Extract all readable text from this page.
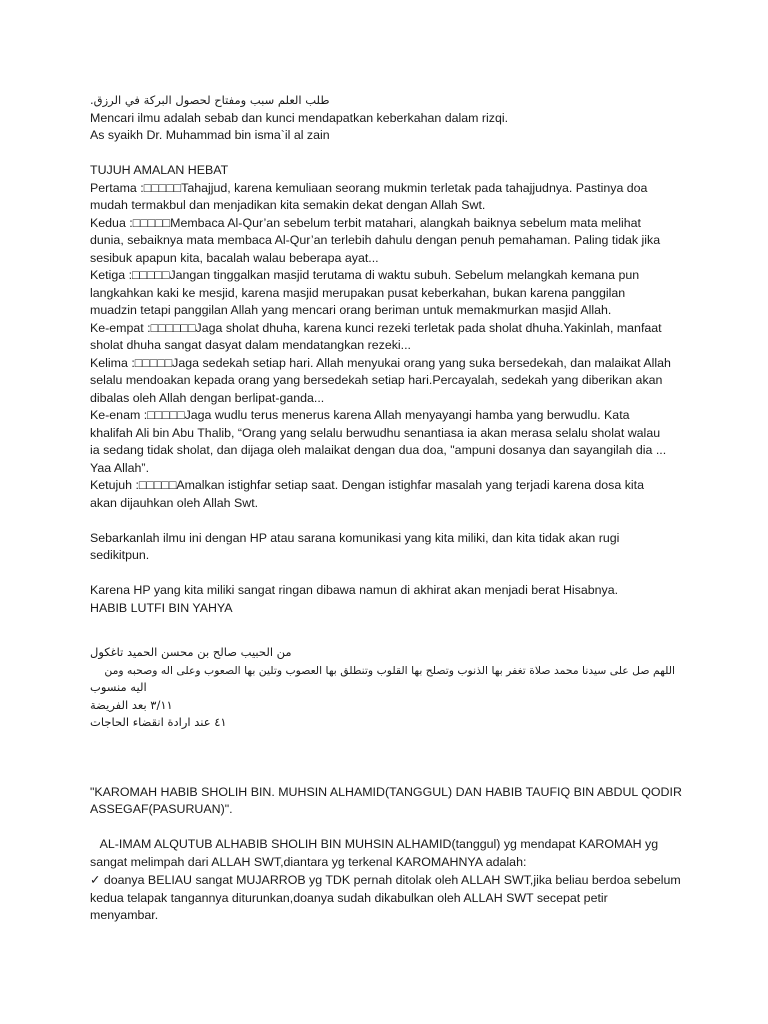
طلب العلم سبب ومفتاح لحصول البركة في الرزق.
Mencari ilmu adalah sebab dan kunci mendapatkan keberkahan dalam rizqi.
As syaikh Dr. Muhammad bin isma`il al zain
TUJUH AMALAN HEBAT
Pertama :□□□□□Tahajjud, karena kemuliaan seorang mukmin terletak pada tahajjudnya. Pastinya doa
mudah termakbul dan menjadikan kita semakin dekat dengan Allah Swt.
Kedua :□□□□□Membaca Al-Qur’an sebelum terbit matahari, alangkah baiknya sebelum mata melihat
dunia, sebaiknya mata membaca Al-Qur’an terlebih dahulu dengan penuh pemahaman. Paling tidak jika
sesibuk apapun kita, bacalah walau beberapa ayat...
Ketiga :□□□□□Jangan tinggalkan masjid terutama di waktu subuh. Sebelum melangkah kemana pun
langkahkan kaki ke mesjid, karena masjid merupakan pusat keberkahan, bukan karena panggilan
muadzin tetapi panggilan Allah yang mencari orang beriman untuk memakmurkan masjid Allah.
Ke-empat :□□□□□□Jaga sholat dhuha, karena kunci rezeki terletak pada sholat dhuha.Yakinlah, manfaat
sholat dhuha sangat dasyat dalam mendatangkan rezeki...
Kelima :□□□□□Jaga sedekah setiap hari. Allah menyukai orang yang suka bersedekah, dan malaikat Allah
selalu mendoakan kepada orang yang bersedekah setiap hari.Percayalah, sedekah yang diberikan akan
dibalas oleh Allah dengan berlipat-ganda...
Ke-enam :□□□□□Jaga wudlu terus menerus karena Allah menyayangi hamba yang berwudlu. Kata
khalifah Ali bin Abu Thalib, “Orang yang selalu berwudhu senantiasa ia akan merasa selalu sholat walau
ia sedang tidak sholat, dan dijaga oleh malaikat dengan dua doa, "ampuni dosanya dan sayangilah dia ...
Yaa Allah”.
Ketujuh :□□□□□Amalkan istighfar setiap saat. Dengan istighfar masalah yang terjadi karena dosa kita
akan dijauhkan oleh Allah Swt.
Sebarkanlah ilmu ini dengan HP atau sarana komunikasi yang kita miliki, dan kita tidak akan rugi
sedikitpun.
Karena HP yang kita miliki sangat ringan dibawa namun di akhirat akan menjadi berat Hisabnya.
HABIB LUTFI BIN YAHYA
من الحبيب صالح بن محسن الحميد تاغكول
اللهم صل على سيدنا محمد صلاة تغفر بها الذنوب وتصلح بها القلوب وتنطلق بها العصوب وتلين بها الصعوب وعلى اله وصحبه ومن
اليه منسوب
٣/١١ بعد الفريضة
٤١ عند ارادة انقضاء الحاجات
"KAROMAH HABIB SHOLIH BIN. MUHSIN ALHAMID(TANGGUL) DAN HABIB TAUFIQ BIN ABDUL QODIR
ASSEGAF(PASURUAN)".
AL-IMAM ALQUTUB ALHABIB SHOLIH BIN MUHSIN ALHAMID(tanggul) yg mendapat KAROMAH yg
sangat melimpah dari ALLAH SWT,diantara yg terkenal KAROMAHNYA adalah:
✓ doanya BELIAU sangat MUJARROB yg TDK pernah ditolak oleh ALLAH SWT,jika beliau berdoa sebelum
kedua telapak tangannya diturunkan,doanya sudah dikabulkan oleh ALLAH SWT secepat petir
menyambar.
